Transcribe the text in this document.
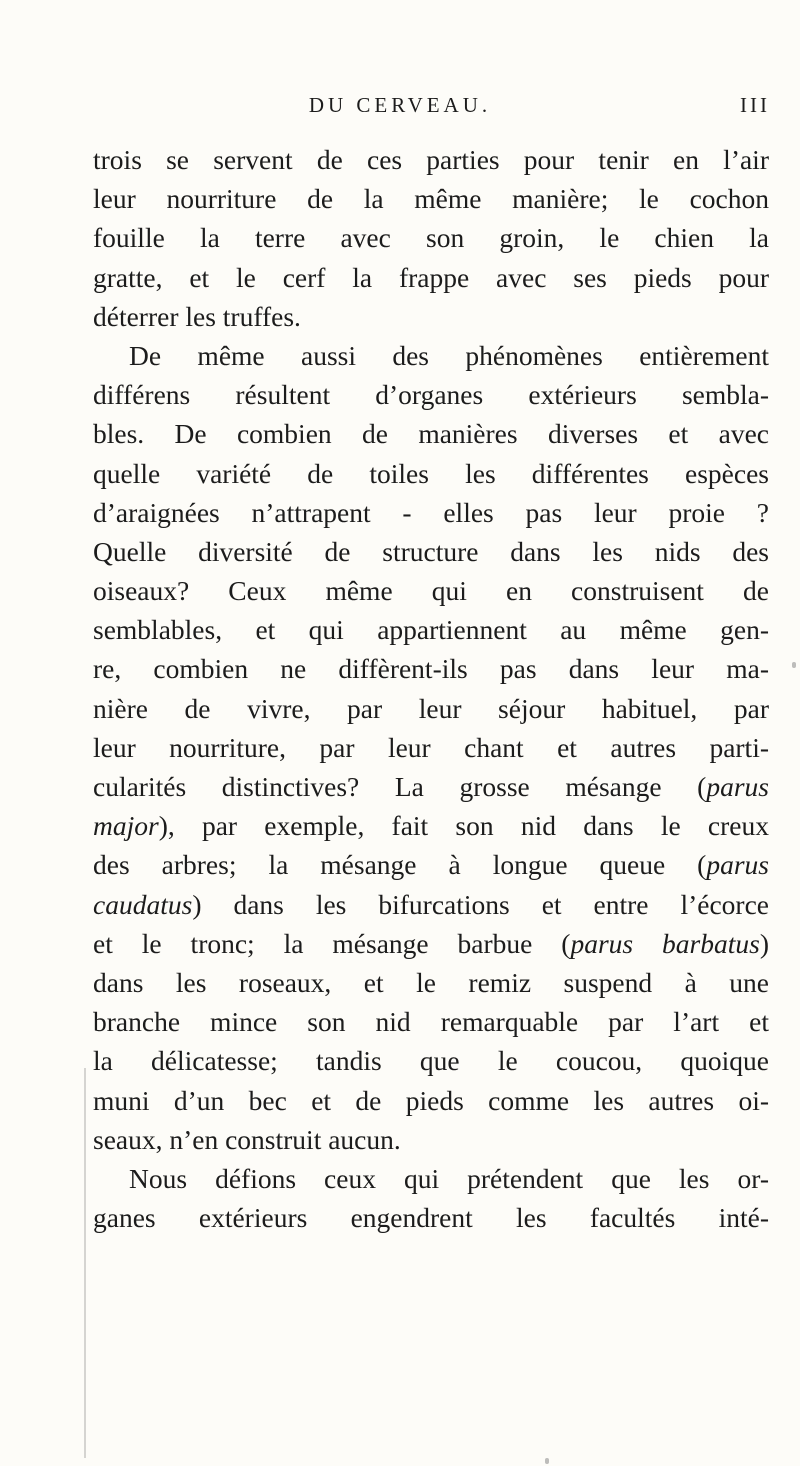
DU CERVEAU.	III

trois se servent de ces parties pour tenir en l’air
leur nourriture de la même manière; le cochon
fouille la terre avec son groin, le chien la
gratte, et le cerf la frappe avec ses pieds pour
déterrer les truffes.

De même aussi des phénomènes entièrement
différens résultent d’organes extérieurs sembla-
bles. De combien de manières diverses et avec
quelle variété de toiles les différentes espèces
d’araignées n’attrapent - elles pas leur proie ?
Quelle diversité de structure dans les nids des
oiseaux? Ceux même qui en construisent de
semblables, et qui appartiennent au même gen-
re, combien ne diffèrent-ils pas dans leur ma-
nière de vivre, par leur séjour habituel, par
leur nourriture, par leur chant et autres parti-
cularités distinctives? La grosse mésange (parus
major), par exemple, fait son nid dans le creux
des arbres; la mésange à longue queue (parus
caudatus) dans les bifurcations et entre l’écorce
et le tronc; la mésange barbue (parus barbatus)
dans les roseaux, et le remiz suspend à une
branche mince son nid remarquable par l’art et
la délicatesse; tandis que le coucou, quoique
muni d’un bec et de pieds comme les autres oi-
seaux, n’en construit aucun.

Nous défions ceux qui prétendent que les or-
ganes extérieurs engendrent les facultés inté-
